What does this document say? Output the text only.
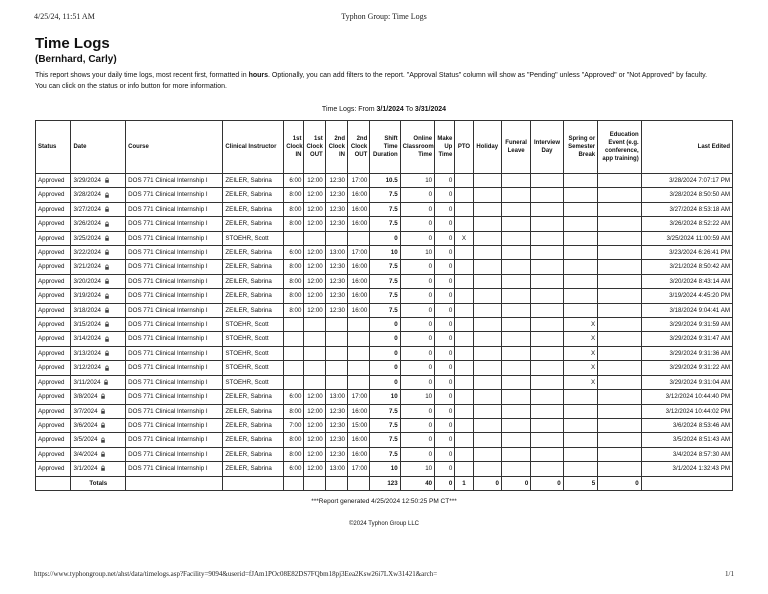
4/25/24, 11:51 AM	Typhon Group: Time Logs
Time Logs
(Bernhard, Carly)
This report shows your daily time logs, most recent first, formatted in hours. Optionally, you can add filters to the report. "Approval Status" column will show as "Pending" unless "Approved" or "Not Approved" by faculty.
You can click on the status or info button for more information.
Time Logs: From 3/1/2024 To 3/31/2024
Status	Date	Course	Clinical Instructor	1st Clock IN	1st Clock OUT	2nd Clock IN	2nd Clock OUT	Shift Time Duration	Online Classroom Time	Make Up Time	PTO	Holiday	Funeral Leave	Interview Day	Spring or Semester Break	Education Event (e.g. conference, app training)	Last Edited
Approved	3/29/2024	DOS 771 Clinical Internship I	ZEILER, Sabrina	6:00	12:00	12:30	17:00	10.5	10	0							3/28/2024 7:07:17 PM
Approved	3/28/2024	DOS 771 Clinical Internship I	ZEILER, Sabrina	8:00	12:00	12:30	16:00	7.5	0	0							3/28/2024 8:50:50 AM
Approved	3/27/2024	DOS 771 Clinical Internship I	ZEILER, Sabrina	8:00	12:00	12:30	16:00	7.5	0	0							3/27/2024 8:53:18 AM
Approved	3/26/2024	DOS 771 Clinical Internship I	ZEILER, Sabrina	8:00	12:00	12:30	16:00	7.5	0	0							3/26/2024 8:52:22 AM
Approved	3/25/2024	DOS 771 Clinical Internship I	STOEHR, Scott					0	0	0	X						3/25/2024 11:00:59 AM
Approved	3/22/2024	DOS 771 Clinical Internship I	ZEILER, Sabrina	6:00	12:00	13:00	17:00	10	10	0							3/23/2024 6:26:41 PM
Approved	3/21/2024	DOS 771 Clinical Internship I	ZEILER, Sabrina	8:00	12:00	12:30	16:00	7.5	0	0							3/21/2024 8:50:42 AM
Approved	3/20/2024	DOS 771 Clinical Internship I	ZEILER, Sabrina	8:00	12:00	12:30	16:00	7.5	0	0							3/20/2024 8:43:14 AM
Approved	3/19/2024	DOS 771 Clinical Internship I	ZEILER, Sabrina	8:00	12:00	12:30	16:00	7.5	0	0							3/19/2024 4:45:20 PM
Approved	3/18/2024	DOS 771 Clinical Internship I	ZEILER, Sabrina	8:00	12:00	12:30	16:00	7.5	0	0							3/18/2024 9:04:41 AM
Approved	3/15/2024	DOS 771 Clinical Internship I	STOEHR, Scott					0	0	0					X		3/29/2024 9:31:59 AM
Approved	3/14/2024	DOS 771 Clinical Internship I	STOEHR, Scott					0	0	0					X		3/29/2024 9:31:47 AM
Approved	3/13/2024	DOS 771 Clinical Internship I	STOEHR, Scott					0	0	0					X		3/29/2024 9:31:36 AM
Approved	3/12/2024	DOS 771 Clinical Internship I	STOEHR, Scott					0	0	0					X		3/29/2024 9:31:22 AM
Approved	3/11/2024	DOS 771 Clinical Internship I	STOEHR, Scott					0	0	0					X		3/29/2024 9:31:04 AM
Approved	3/8/2024	DOS 771 Clinical Internship I	ZEILER, Sabrina	6:00	12:00	13:00	17:00	10	10	0							3/12/2024 10:44:40 PM
Approved	3/7/2024	DOS 771 Clinical Internship I	ZEILER, Sabrina	8:00	12:00	12:30	16:00	7.5	0	0							3/12/2024 10:44:02 PM
Approved	3/6/2024	DOS 771 Clinical Internship I	ZEILER, Sabrina	7:00	12:00	12:30	15:00	7.5	0	0							3/6/2024 8:53:46 AM
Approved	3/5/2024	DOS 771 Clinical Internship I	ZEILER, Sabrina	8:00	12:00	12:30	16:00	7.5	0	0							3/5/2024 8:51:43 AM
Approved	3/4/2024	DOS 771 Clinical Internship I	ZEILER, Sabrina	8:00	12:00	12:30	16:00	7.5	0	0							3/4/2024 8:57:30 AM
Approved	3/1/2024	DOS 771 Clinical Internship I	ZEILER, Sabrina	6:00	12:00	13:00	17:00	10	10	0							3/1/2024 1:32:43 PM
	Totals							123	40	0	1	0	0	0	5	0	
***Report generated 4/25/2024 12:50:25 PM CT***
©2024 Typhon Group LLC
https://www.typhongroup.net/ahst/data/timelogs.asp?Facility=9094&userid=fJAm1POc08E82DS7FQbm18pj3Eea2Ksw26i7LXw31421&arch=	1/1
